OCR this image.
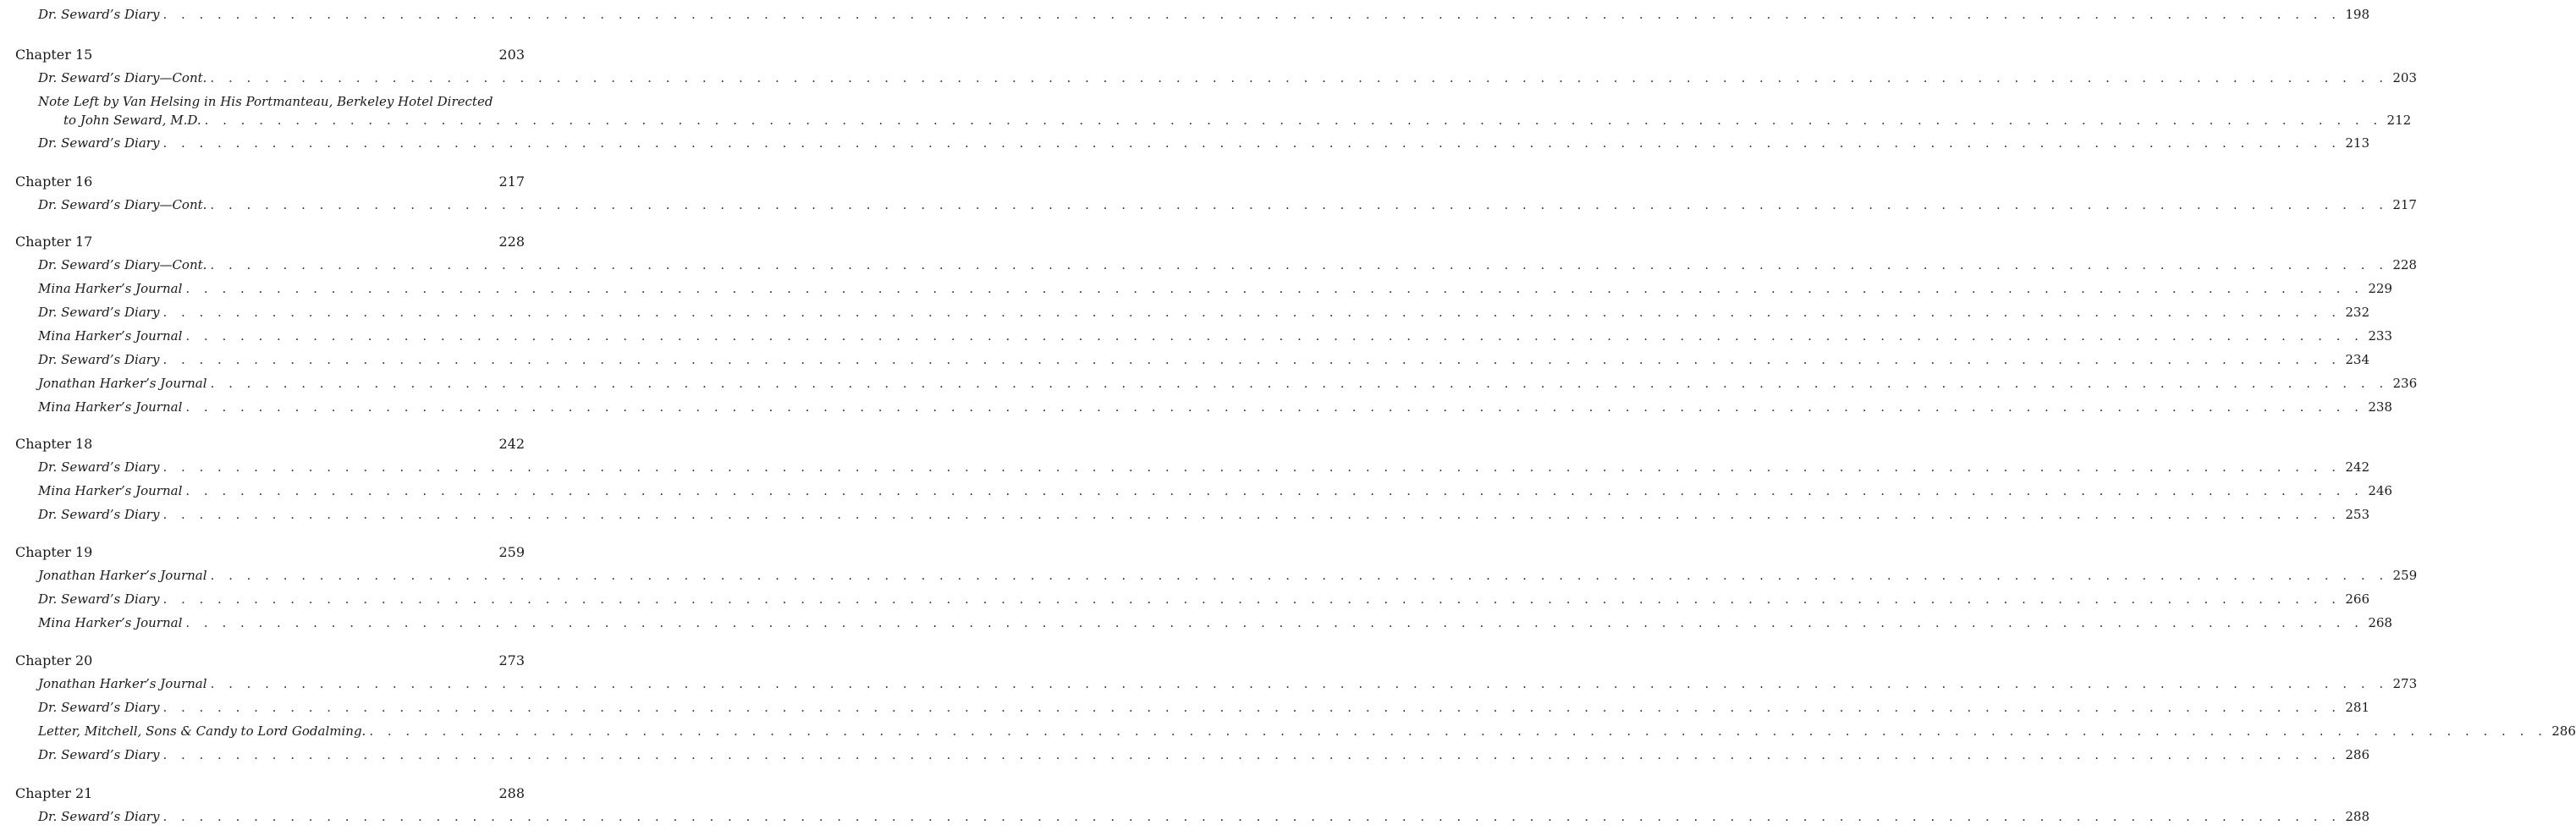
Dr. Seward’s Diary . . . . . . . . . . . . . . . . . . . . . . . . . . . . . . . . . . . . . . . . . . . . . . . . . . . . . . . . . . . . . . . . . . . . . . . . . . . . . . . . . . . . . . . . . . . . . . . . . . . . . . . . . . . . . . . . . . . . . . . . 198
Chapter 15	203
Dr. Seward’s Diary—Cont. . . . . . . . . . . . . . . . . . . . . . . . . . . . . . . . . . . . . . . . . . . . . . . . . . . . . . . . . . . . . . . . . . . . . . . . . . . . . . . . . . . . . . . . . . . . . . . . . . . . . . . . . . . . . . . . . . . . . . . . . 203
Note Left by Van Helsing in His Portmanteau, Berkeley Hotel Directed
to John Seward, M.D. . . . . . . . . . . . . . . . . . . . . . . . . . . . . . . . . . . . . . . . . . . . . . . . . . . . . . . . . . . . . . . . . . . . . . . . . . . . . . . . . . . . . . . . . . . . . . . . . . . . . . . . . . . . . . . . . . . . . . . . . 212
Dr. Seward’s Diary . . . . . . . . . . . . . . . . . . . . . . . . . . . . . . . . . . . . . . . . . . . . . . . . . . . . . . . . . . . . . . . . . . . . . . . . . . . . . . . . . . . . . . . . . . . . . . . . . . . . . . . . . . . . . . . . . . . . . . . . 213
Chapter 16	217
Dr. Seward’s Diary—Cont. . . . . . . . . . . . . . . . . . . . . . . . . . . . . . . . . . . . . . . . . . . . . . . . . . . . . . . . . . . . . . . . . . . . . . . . . . . . . . . . . . . . . . . . . . . . . . . . . . . . . . . . . . . . . . . . . . . . . . . . . 217
Chapter 17	228
Dr. Seward’s Diary—Cont. . . . . . . . . . . . . . . . . . . . . . . . . . . . . . . . . . . . . . . . . . . . . . . . . . . . . . . . . . . . . . . . . . . . . . . . . . . . . . . . . . . . . . . . . . . . . . . . . . . . . . . . . . . . . . . . . . . . . . . . . 228
Mina Harker’s Journal . . . . . . . . . . . . . . . . . . . . . . . . . . . . . . . . . . . . . . . . . . . . . . . . . . . . . . . . . . . . . . . . . . . . . . . . . . . . . . . . . . . . . . . . . . . . . . . . . . . . . . . . . . . . . . . . . . . . . . . . 229
Dr. Seward’s Diary . . . . . . . . . . . . . . . . . . . . . . . . . . . . . . . . . . . . . . . . . . . . . . . . . . . . . . . . . . . . . . . . . . . . . . . . . . . . . . . . . . . . . . . . . . . . . . . . . . . . . . . . . . . . . . . . . . . . . . . . 232
Mina Harker’s Journal . . . . . . . . . . . . . . . . . . . . . . . . . . . . . . . . . . . . . . . . . . . . . . . . . . . . . . . . . . . . . . . . . . . . . . . . . . . . . . . . . . . . . . . . . . . . . . . . . . . . . . . . . . . . . . . . . . . . . . . . 233
Dr. Seward’s Diary . . . . . . . . . . . . . . . . . . . . . . . . . . . . . . . . . . . . . . . . . . . . . . . . . . . . . . . . . . . . . . . . . . . . . . . . . . . . . . . . . . . . . . . . . . . . . . . . . . . . . . . . . . . . . . . . . . . . . . . . 234
Jonathan Harker’s Journal . . . . . . . . . . . . . . . . . . . . . . . . . . . . . . . . . . . . . . . . . . . . . . . . . . . . . . . . . . . . . . . . . . . . . . . . . . . . . . . . . . . . . . . . . . . . . . . . . . . . . . . . . . . . . . . . . . . . . . . . 236
Mina Harker’s Journal . . . . . . . . . . . . . . . . . . . . . . . . . . . . . . . . . . . . . . . . . . . . . . . . . . . . . . . . . . . . . . . . . . . . . . . . . . . . . . . . . . . . . . . . . . . . . . . . . . . . . . . . . . . . . . . . . . . . . . . . 238
Chapter 18	242
Dr. Seward’s Diary . . . . . . . . . . . . . . . . . . . . . . . . . . . . . . . . . . . . . . . . . . . . . . . . . . . . . . . . . . . . . . . . . . . . . . . . . . . . . . . . . . . . . . . . . . . . . . . . . . . . . . . . . . . . . . . . . . . . . . . . 242
Mina Harker’s Journal . . . . . . . . . . . . . . . . . . . . . . . . . . . . . . . . . . . . . . . . . . . . . . . . . . . . . . . . . . . . . . . . . . . . . . . . . . . . . . . . . . . . . . . . . . . . . . . . . . . . . . . . . . . . . . . . . . . . . . . . 246
Dr. Seward’s Diary . . . . . . . . . . . . . . . . . . . . . . . . . . . . . . . . . . . . . . . . . . . . . . . . . . . . . . . . . . . . . . . . . . . . . . . . . . . . . . . . . . . . . . . . . . . . . . . . . . . . . . . . . . . . . . . . . . . . . . . . 253
Chapter 19	259
Jonathan Harker’s Journal . . . . . . . . . . . . . . . . . . . . . . . . . . . . . . . . . . . . . . . . . . . . . . . . . . . . . . . . . . . . . . . . . . . . . . . . . . . . . . . . . . . . . . . . . . . . . . . . . . . . . . . . . . . . . . . . . . . . . . . . 259
Dr. Seward’s Diary . . . . . . . . . . . . . . . . . . . . . . . . . . . . . . . . . . . . . . . . . . . . . . . . . . . . . . . . . . . . . . . . . . . . . . . . . . . . . . . . . . . . . . . . . . . . . . . . . . . . . . . . . . . . . . . . . . . . . . . . 266
Mina Harker’s Journal . . . . . . . . . . . . . . . . . . . . . . . . . . . . . . . . . . . . . . . . . . . . . . . . . . . . . . . . . . . . . . . . . . . . . . . . . . . . . . . . . . . . . . . . . . . . . . . . . . . . . . . . . . . . . . . . . . . . . . . . 268
Chapter 20	273
Jonathan Harker’s Journal . . . . . . . . . . . . . . . . . . . . . . . . . . . . . . . . . . . . . . . . . . . . . . . . . . . . . . . . . . . . . . . . . . . . . . . . . . . . . . . . . . . . . . . . . . . . . . . . . . . . . . . . . . . . . . . . . . . . . . . . 273
Dr. Seward’s Diary . . . . . . . . . . . . . . . . . . . . . . . . . . . . . . . . . . . . . . . . . . . . . . . . . . . . . . . . . . . . . . . . . . . . . . . . . . . . . . . . . . . . . . . . . . . . . . . . . . . . . . . . . . . . . . . . . . . . . . . . 281
Letter, Mitchell, Sons & Candy to Lord Godalming. . . . . . . . . . . . . . . . . . . . . . . . . . . . . . . . . . . . . . . . . . . . . . . . . . . . . . . . . . . . . . . . . . . . . . . . . . . . . . . . . . . . . . . . . . . . . . . . . . . . . . . . . . . . . . . . . . . . . . . . . 286
Dr. Seward’s Diary . . . . . . . . . . . . . . . . . . . . . . . . . . . . . . . . . . . . . . . . . . . . . . . . . . . . . . . . . . . . . . . . . . . . . . . . . . . . . . . . . . . . . . . . . . . . . . . . . . . . . . . . . . . . . . . . . . . . . . . . 286
Chapter 21	288
Dr. Seward’s Diary . . . . . . . . . . . . . . . . . . . . . . . . . . . . . . . . . . . . . . . . . . . . . . . . . . . . . . . . . . . . . . . . . . . . . . . . . . . . . . . . . . . . . . . . . . . . . . . . . . . . . . . . . . . . . . . . . . . . . . . . 288
